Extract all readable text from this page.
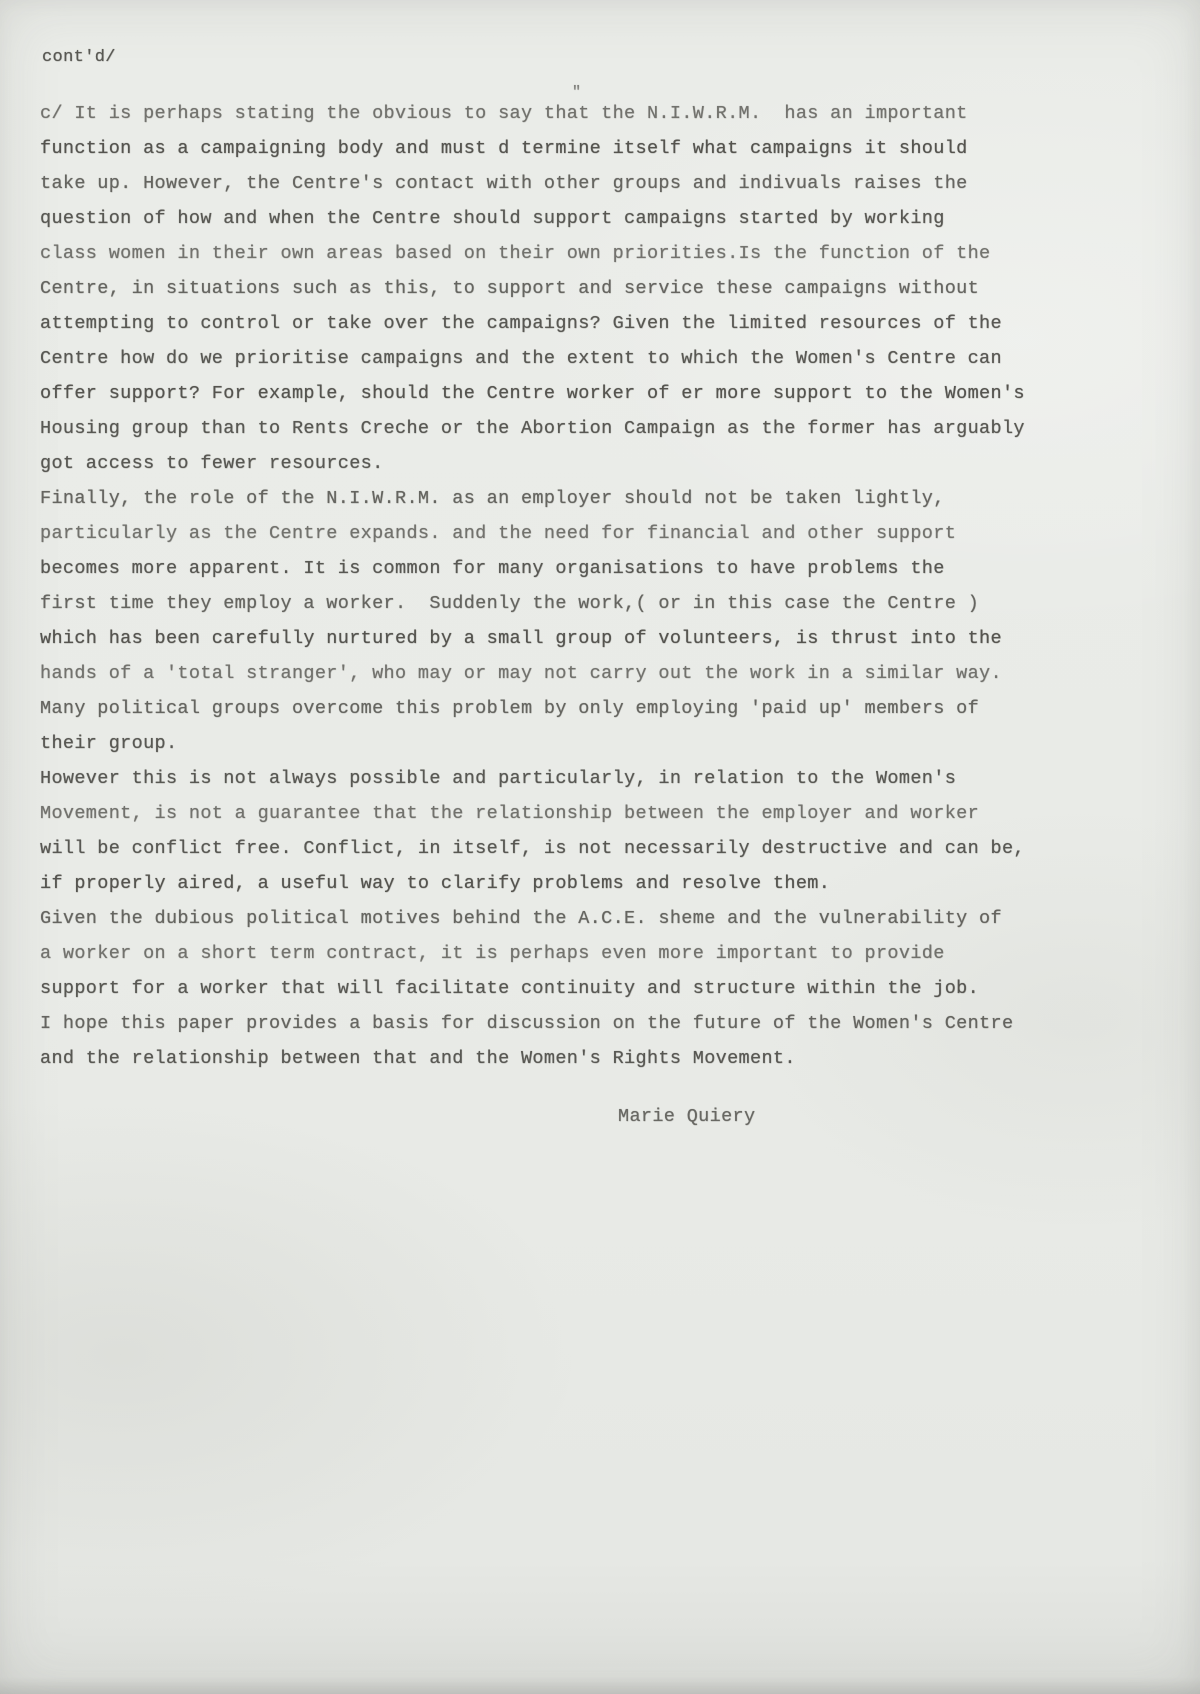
cont'd/
"
c/ It is perhaps stating the obvious to say that the N.I.W.R.M.  has an important
function as a campaigning body and must d termine itself what campaigns it should
take up. However, the Centre's contact with other groups and indivuals raises the
question of how and when the Centre should support campaigns started by working
class women in their own areas based on their own priorities.Is the function of the
Centre, in situations such as this, to support and service these campaigns without
attempting to control or take over the campaigns? Given the limited resources of the
Centre how do we prioritise campaigns and the extent to which the Women's Centre can
offer support? For example, should the Centre worker of er more support to the Women's
Housing group than to Rents Creche or the Abortion Campaign as the former has arguably
got access to fewer resources.
Finally, the role of the N.I.W.R.M. as an employer should not be taken lightly,
particularly as the Centre expands. and the need for financial and other support
becomes more apparent. It is common for many organisations to have problems the
first time they employ a worker.  Suddenly the work,( or in this case the Centre )
which has been carefully nurtured by a small group of volunteers, is thrust into the
hands of a 'total stranger', who may or may not carry out the work in a similar way.
Many political groups overcome this problem by only employing 'paid up' members of
their group.
However this is not always possible and particularly, in relation to the Women's
Movement, is not a guarantee that the relationship between the employer and worker
will be conflict free. Conflict, in itself, is not necessarily destructive and can be,
if properly aired, a useful way to clarify problems and resolve them.
Given the dubious political motives behind the A.C.E. sheme and the vulnerability of
a worker on a short term contract, it is perhaps even more important to provide
support for a worker that will facilitate continuity and structure within the job.
I hope this paper provides a basis for discussion on the future of the Women's Centre
and the relationship between that and the Women's Rights Movement.
Marie Quiery
